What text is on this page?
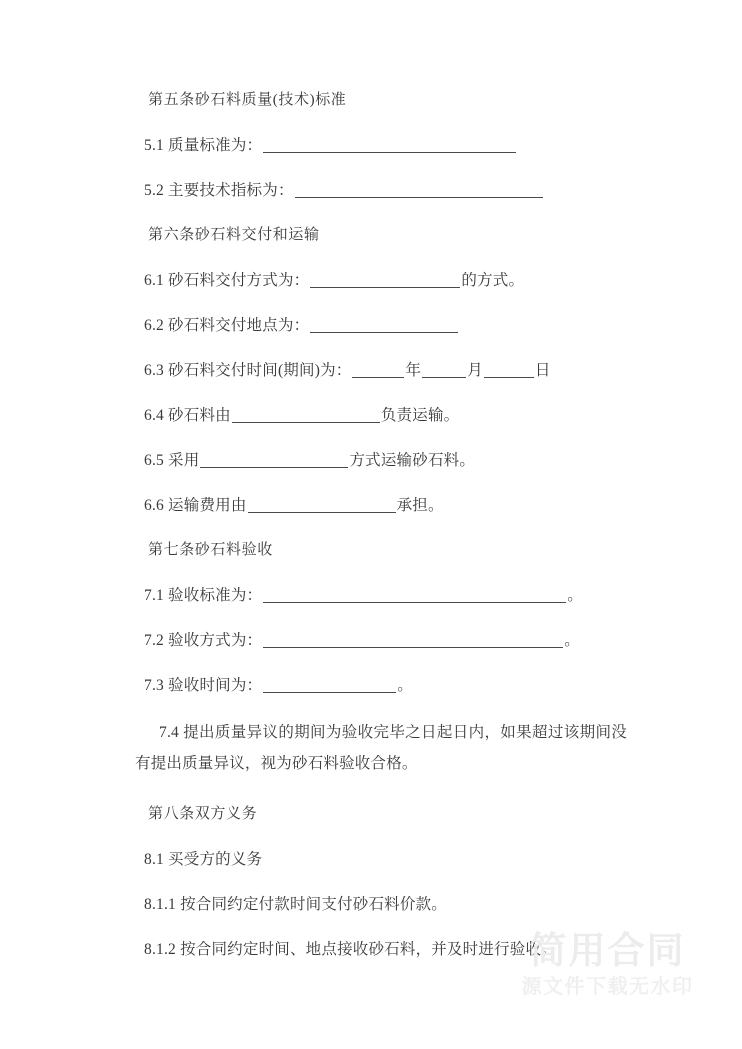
第五条砂石料质量(技术)标准
5.1 质量标准为：
5.2 主要技术指标为：
第六条砂石料交付和运输
6.1 砂石料交付方式为：	的方式。
6.2 砂石料交付地点为：
6.3 砂石料交付时间(期间)为：	年	月	日
6.4 砂石料由	负责运输。
6.5 采用	方式运输砂石料。
6.6 运输费用由	承担。
第七条砂石料验收
7.1 验收标准为：	。
7.2 验收方式为：	。
7.3 验收时间为：	。
7.4 提出质量异议的期间为验收完毕之日起日内，如果超过该期间没有提出质量异议，视为砂石料验收合格。
第八条双方义务
8.1 买受方的义务
8.1.1 按合同约定付款时间支付砂石料价款。
8.1.2 按合同约定时间、地点接收砂石料，并及时进行验收。
简用合同
源文件下载无水印
